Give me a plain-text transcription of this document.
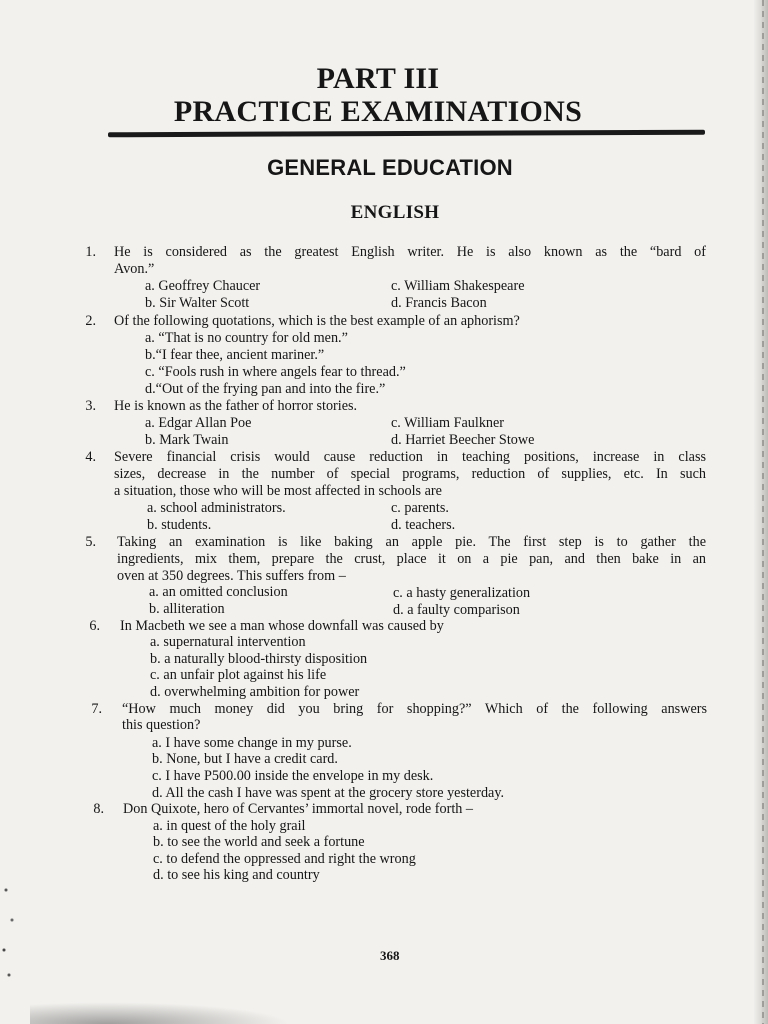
PART III
PRACTICE EXAMINATIONS
GENERAL EDUCATION
ENGLISH
1. He is considered as the greatest English writer. He is also known as the “bard of
Avon.”
a. Geoffrey Chaucer	c. William Shakespeare
b. Sir Walter Scott	d. Francis Bacon
2. Of the following quotations, which is the best example of an aphorism?
a. “That is no country for old men.”
b.“I fear thee, ancient mariner.”
c. “Fools rush in where angels fear to thread.”
d.“Out of the frying pan and into the fire.”
3. He is known as the father of horror stories.
a. Edgar Allan Poe	c. William Faulkner
b. Mark Twain	d. Harriet Beecher Stowe
4. Severe financial crisis would cause reduction in teaching positions, increase in class
sizes, decrease in the number of special programs, reduction of supplies, etc. In such
a situation, those who will be most affected in schools are
a. school administrators.	c. parents.
b. students.	d. teachers.
5. Taking an examination is like baking an apple pie. The first step is to gather the
ingredients, mix them, prepare the crust, place it on a pie pan, and then bake in an
oven at 350 degrees. This suffers from –
a. an omitted conclusion	c. a hasty generalization
b. alliteration	d. a faulty comparison
6. In Macbeth we see a man whose downfall was caused by
a. supernatural intervention
b. a naturally blood-thirsty disposition
c. an unfair plot against his life
d. overwhelming ambition for power
7. “How much money did you bring for shopping?” Which of the following answers
this question?
a. I have some change in my purse.
b. None, but I have a credit card.
c. I have P500.00 inside the envelope in my desk.
d. All the cash I have was spent at the grocery store yesterday.
8. Don Quixote, hero of Cervantes’ immortal novel, rode forth –
a. in quest of the holy grail
b. to see the world and seek a fortune
c. to defend the oppressed and right the wrong
d. to see his king and country
368
